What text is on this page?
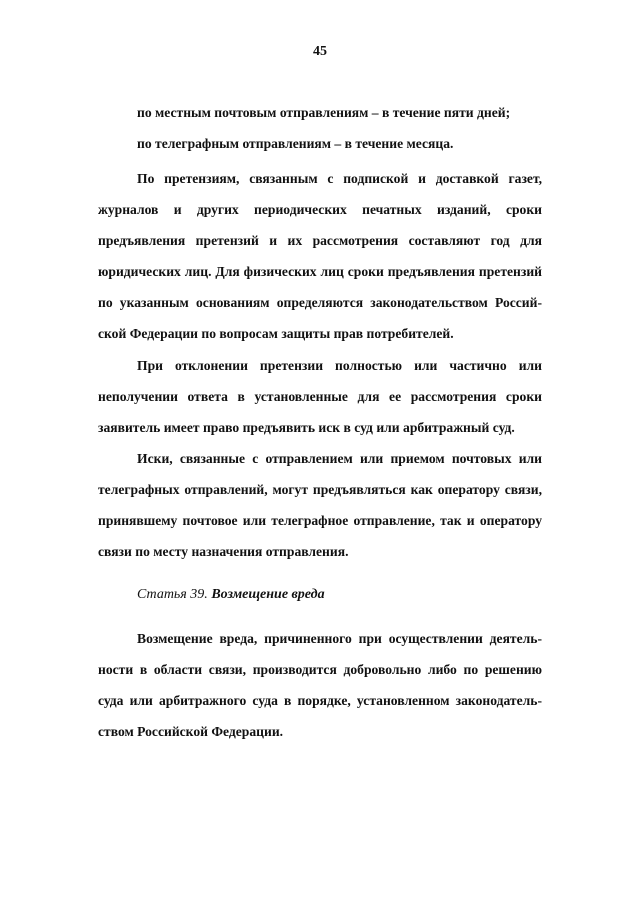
45
по местным почтовым отправлениям – в течение пяти дней;
по телеграфным отправлениям – в течение месяца.
По претензиям, связанным с подпиской и доставкой газет,
журналов и других периодических печатных изданий, сроки
предъявления претензий и их рассмотрения составляют год для
юридических лиц. Для физических лиц сроки предъявления претензий
по указанным основаниям определяются законодательством Россий-
ской Федерации по вопросам защиты прав потребителей.
При отклонении претензии полностью или частично или
неполучении ответа в установленные для ее рассмотрения сроки
заявитель имеет право предъявить иск в суд или арбитражный суд.
Иски, связанные с отправлением или приемом почтовых или
телеграфных отправлений, могут предъявляться как оператору связи,
принявшему почтовое или телеграфное отправление, так и оператору
связи по месту назначения отправления.
Статья 39. Возмещение вреда
Возмещение вреда, причиненного при осуществлении деятель-
ности в области связи, производится добровольно либо по решению
суда или арбитражного суда в порядке, установленном законодатель-
ством Российской Федерации.
